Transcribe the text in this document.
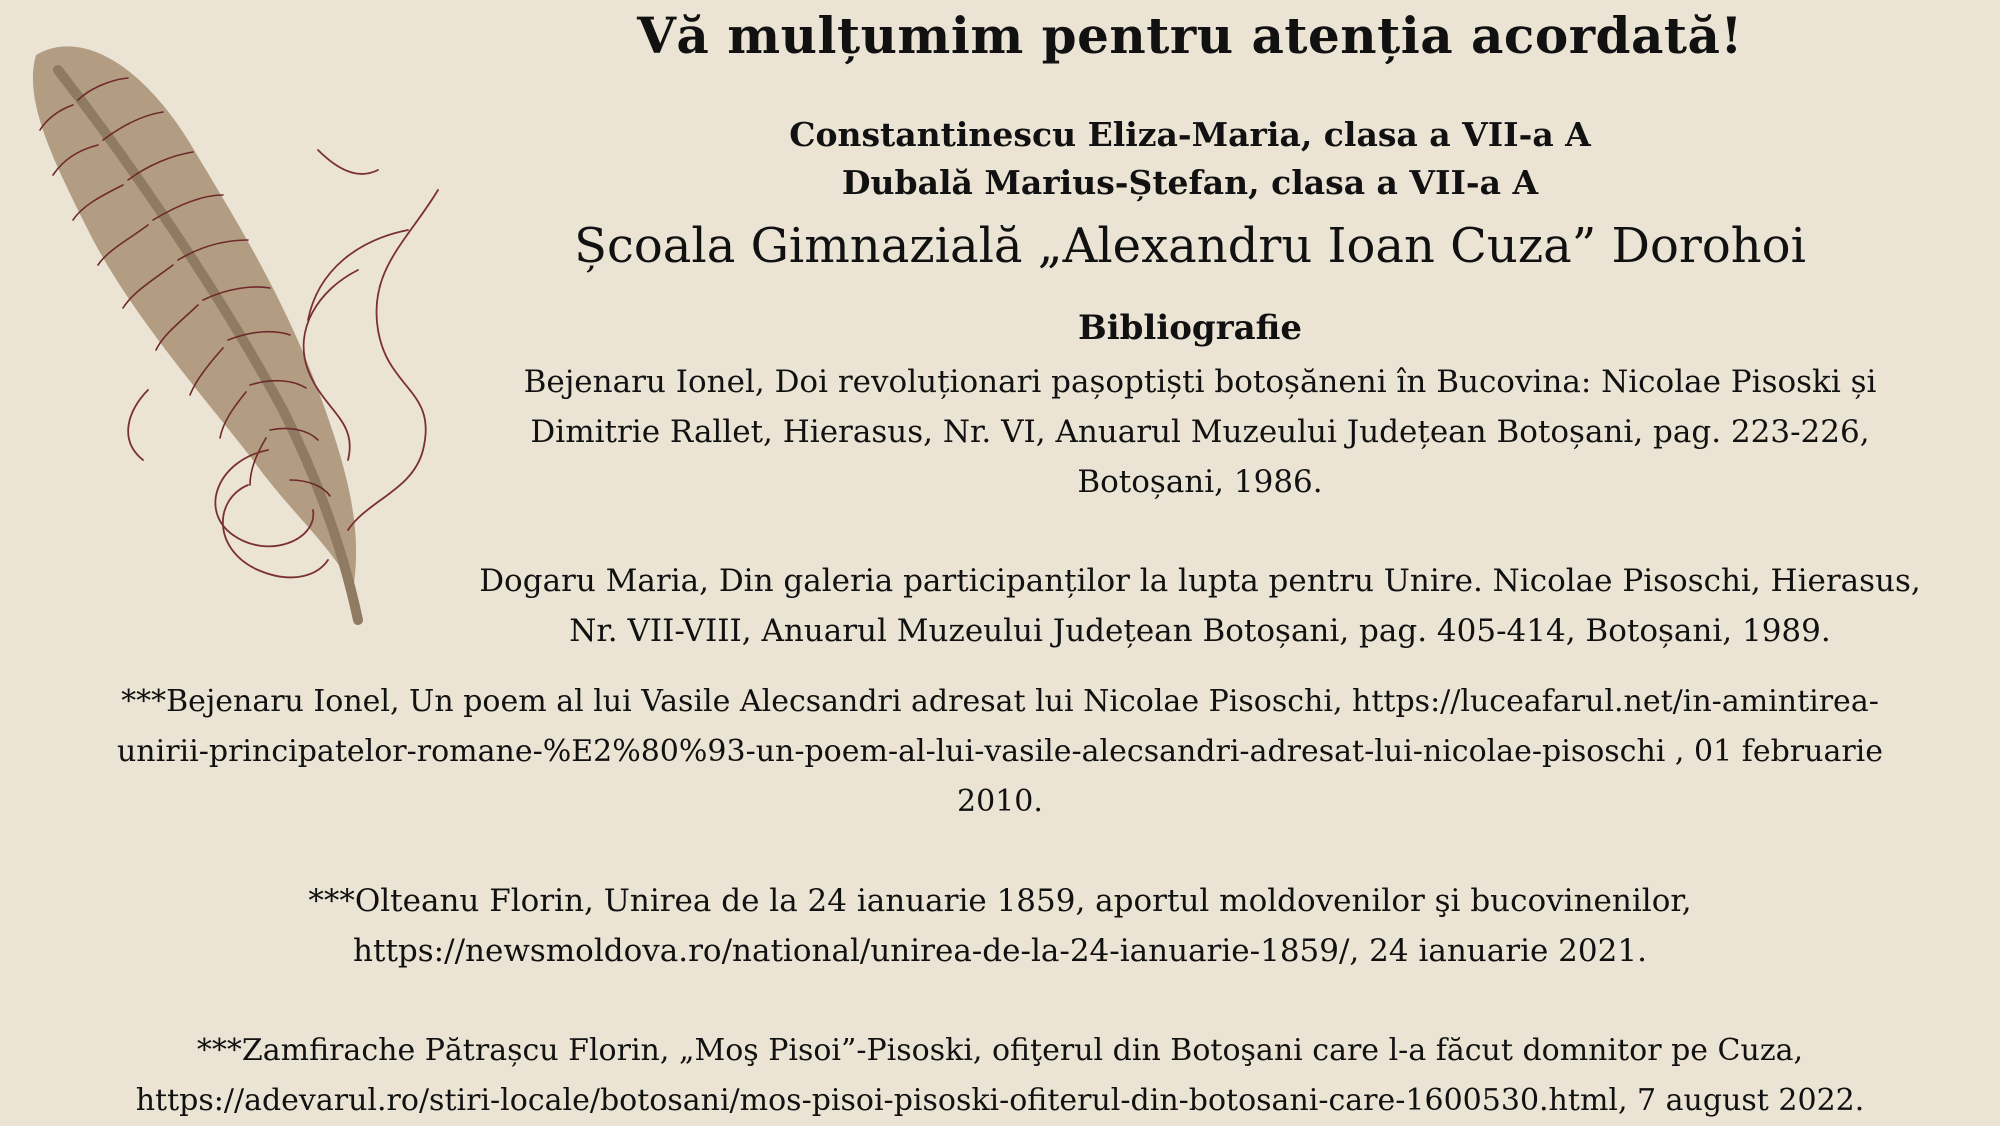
Vă mulțumim pentru atenția acordată!
Constantinescu Eliza-Maria, clasa a VII-a A
Dubală Marius-Ștefan, clasa a VII-a A
Școala Gimnazială „Alexandru Ioan Cuza” Dorohoi
Bibliografie
Bejenaru Ionel, Doi revoluționari pașoptiști botoșăneni în Bucovina: Nicolae Pisoski și
Dimitrie Rallet, Hierasus, Nr. VI, Anuarul Muzeului Județean Botoșani, pag. 223-226,
Botoșani, 1986.
Dogaru Maria, Din galeria participanților la lupta pentru Unire. Nicolae Pisoschi, Hierasus,
Nr. VII-VIII, Anuarul Muzeului Județean Botoșani, pag. 405-414, Botoșani, 1989.
***Bejenaru Ionel, Un poem al lui Vasile Alecsandri adresat lui Nicolae Pisoschi, https://luceafarul.net/in-amintirea-
unirii-principatelor-romane-%E2%80%93-un-poem-al-lui-vasile-alecsandri-adresat-lui-nicolae-pisoschi , 01 februarie
2010.
***Olteanu Florin, Unirea de la 24 ianuarie 1859, aportul moldovenilor şi bucovinenilor,
https://newsmoldova.ro/national/unirea-de-la-24-ianuarie-1859/, 24 ianuarie 2021.
***Zamfirache Pătrașcu Florin, „Moş Pisoi”-Pisoski, ofiţerul din Botoşani care l-a făcut domnitor pe Cuza,
https://adevarul.ro/stiri-locale/botosani/mos-pisoi-pisoski-ofiterul-din-botosani-care-1600530.html, 7 august 2022.
